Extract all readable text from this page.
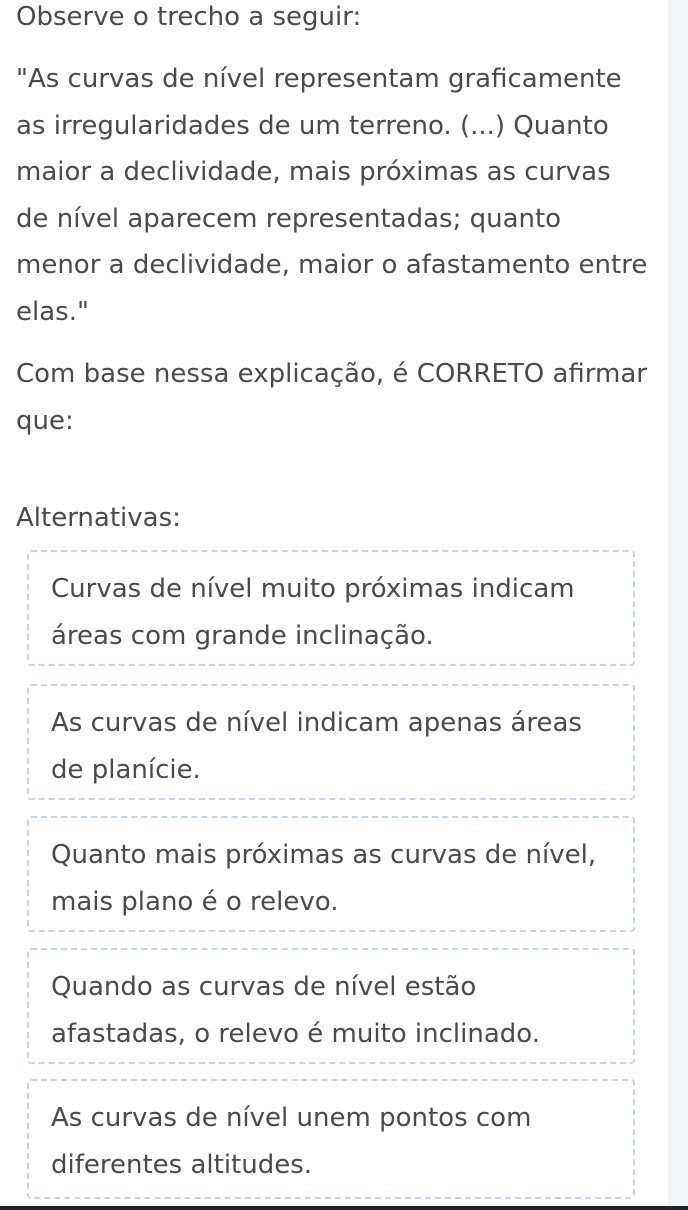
Observe o trecho a seguir:

"As curvas de nível representam graficamente as irregularidades de um terreno. (...) Quanto maior a declividade, mais próximas as curvas de nível aparecem representadas; quanto menor a declividade, maior o afastamento entre elas."

Com base nessa explicação, é CORRETO afirmar que:

Alternativas:
Curvas de nível muito próximas indicam áreas com grande inclinação.
As curvas de nível indicam apenas áreas de planície.
Quanto mais próximas as curvas de nível, mais plano é o relevo.
Quando as curvas de nível estão afastadas, o relevo é muito inclinado.
As curvas de nível unem pontos com diferentes altitudes.
